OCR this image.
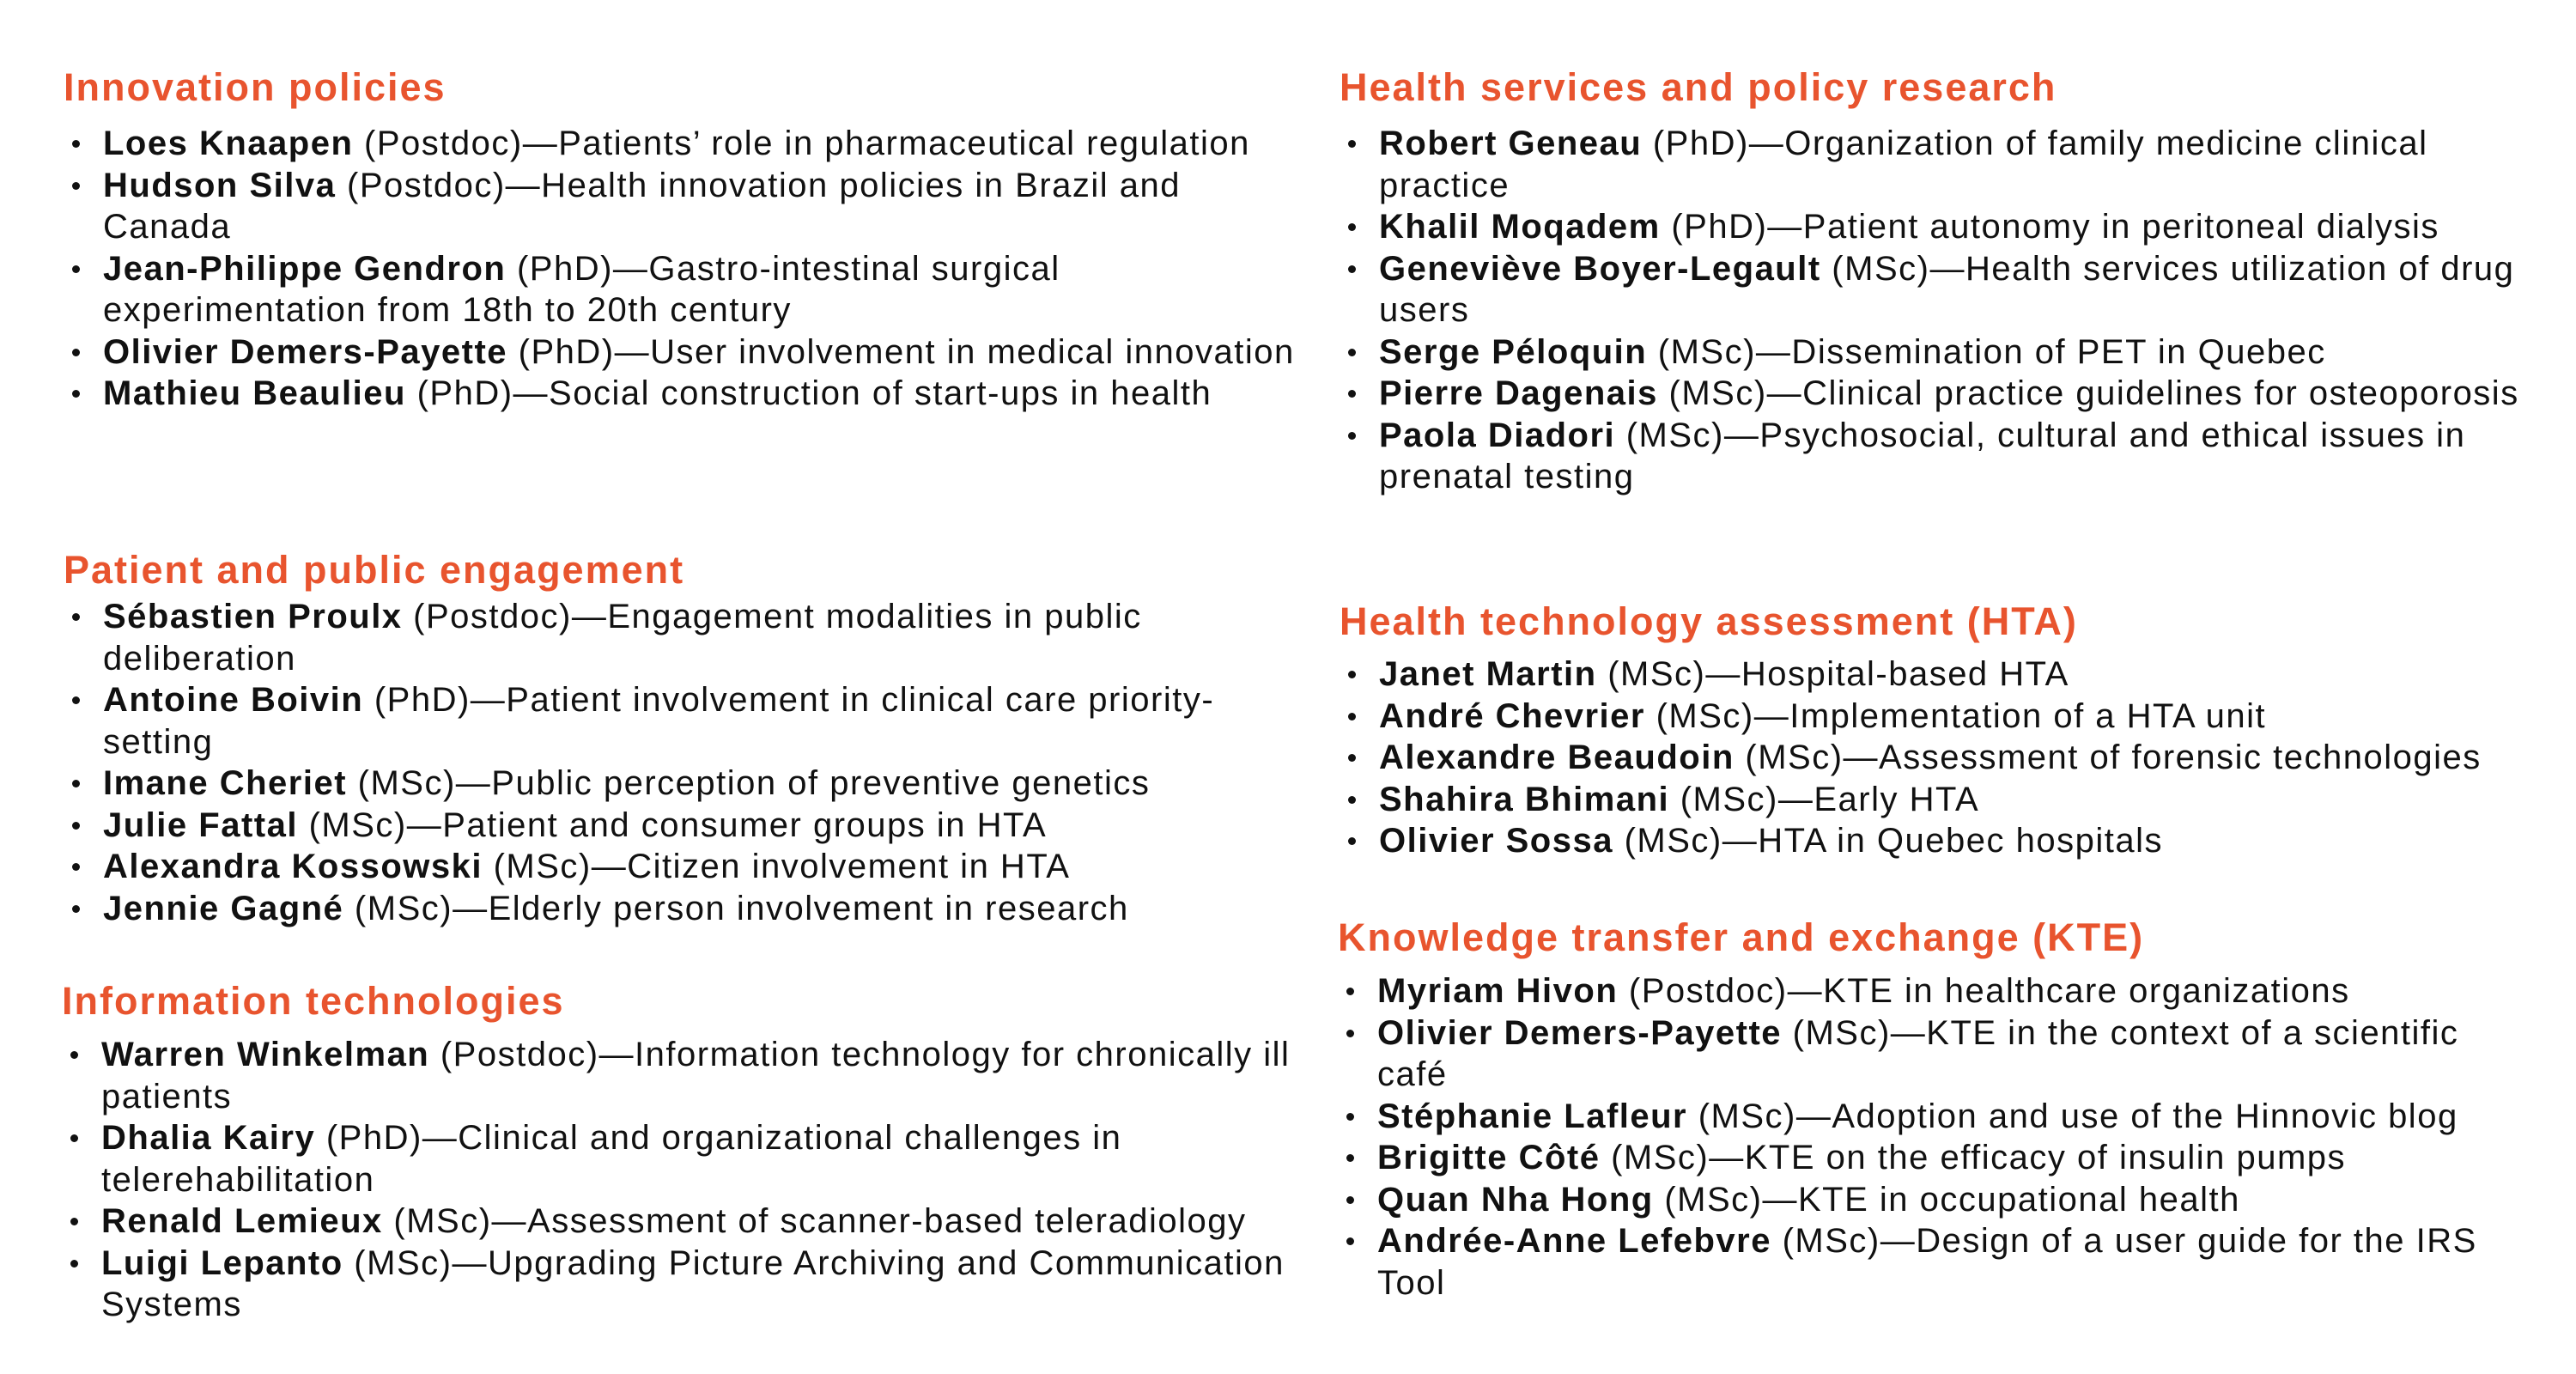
Innovation policies
Loes Knaapen (Postdoc)—Patients’ role in pharmaceutical regulation
Hudson Silva (Postdoc)—Health innovation policies in Brazil and Canada
Jean-Philippe Gendron (PhD)—Gastro-intestinal surgical experimentation from 18th to 20th century
Olivier Demers-Payette (PhD)—User involvement in medical innovation
Mathieu Beaulieu (PhD)—Social construction of start-ups in health
Patient and public engagement
Sébastien Proulx (Postdoc)—Engagement modalities in public deliberation
Antoine Boivin (PhD)—Patient involvement in clinical care priority-setting
Imane Cheriet (MSc)—Public perception of preventive genetics
Julie Fattal (MSc)—Patient and consumer groups in HTA
Alexandra Kossowski (MSc)—Citizen involvement in HTA
Jennie Gagné (MSc)—Elderly person involvement in research
Information technologies
Warren Winkelman (Postdoc)—Information technology for chronically ill patients
Dhalia Kairy (PhD)—Clinical and organizational challenges in telerehabilitation
Renald Lemieux (MSc)—Assessment of scanner-based teleradiology
Luigi Lepanto (MSc)—Upgrading Picture Archiving and Communication Systems
Health services and policy research
Robert Geneau (PhD)—Organization of family medicine clinical practice
Khalil Moqadem (PhD)—Patient autonomy in peritoneal dialysis
Geneviève Boyer-Legault (MSc)—Health services utilization of drug users
Serge Péloquin (MSc)—Dissemination of PET in Quebec
Pierre Dagenais (MSc)—Clinical practice guidelines for osteoporosis
Paola Diadori (MSc)—Psychosocial, cultural and ethical issues in prenatal testing
Health technology assessment (HTA)
Janet Martin (MSc)—Hospital-based HTA
André Chevrier (MSc)—Implementation of a HTA unit
Alexandre Beaudoin (MSc)—Assessment of forensic technologies
Shahira Bhimani (MSc)—Early HTA
Olivier Sossa (MSc)—HTA in Quebec hospitals
Knowledge transfer and exchange (KTE)
Myriam Hivon (Postdoc)—KTE in healthcare organizations
Olivier Demers-Payette (MSc)—KTE in the context of a scientific café
Stéphanie Lafleur (MSc)—Adoption and use of the Hinnovic blog
Brigitte Côté (MSc)—KTE on the efficacy of insulin pumps
Quan Nha Hong (MSc)—KTE in occupational health
Andrée-Anne Lefebvre (MSc)—Design of a user guide for the IRS Tool
